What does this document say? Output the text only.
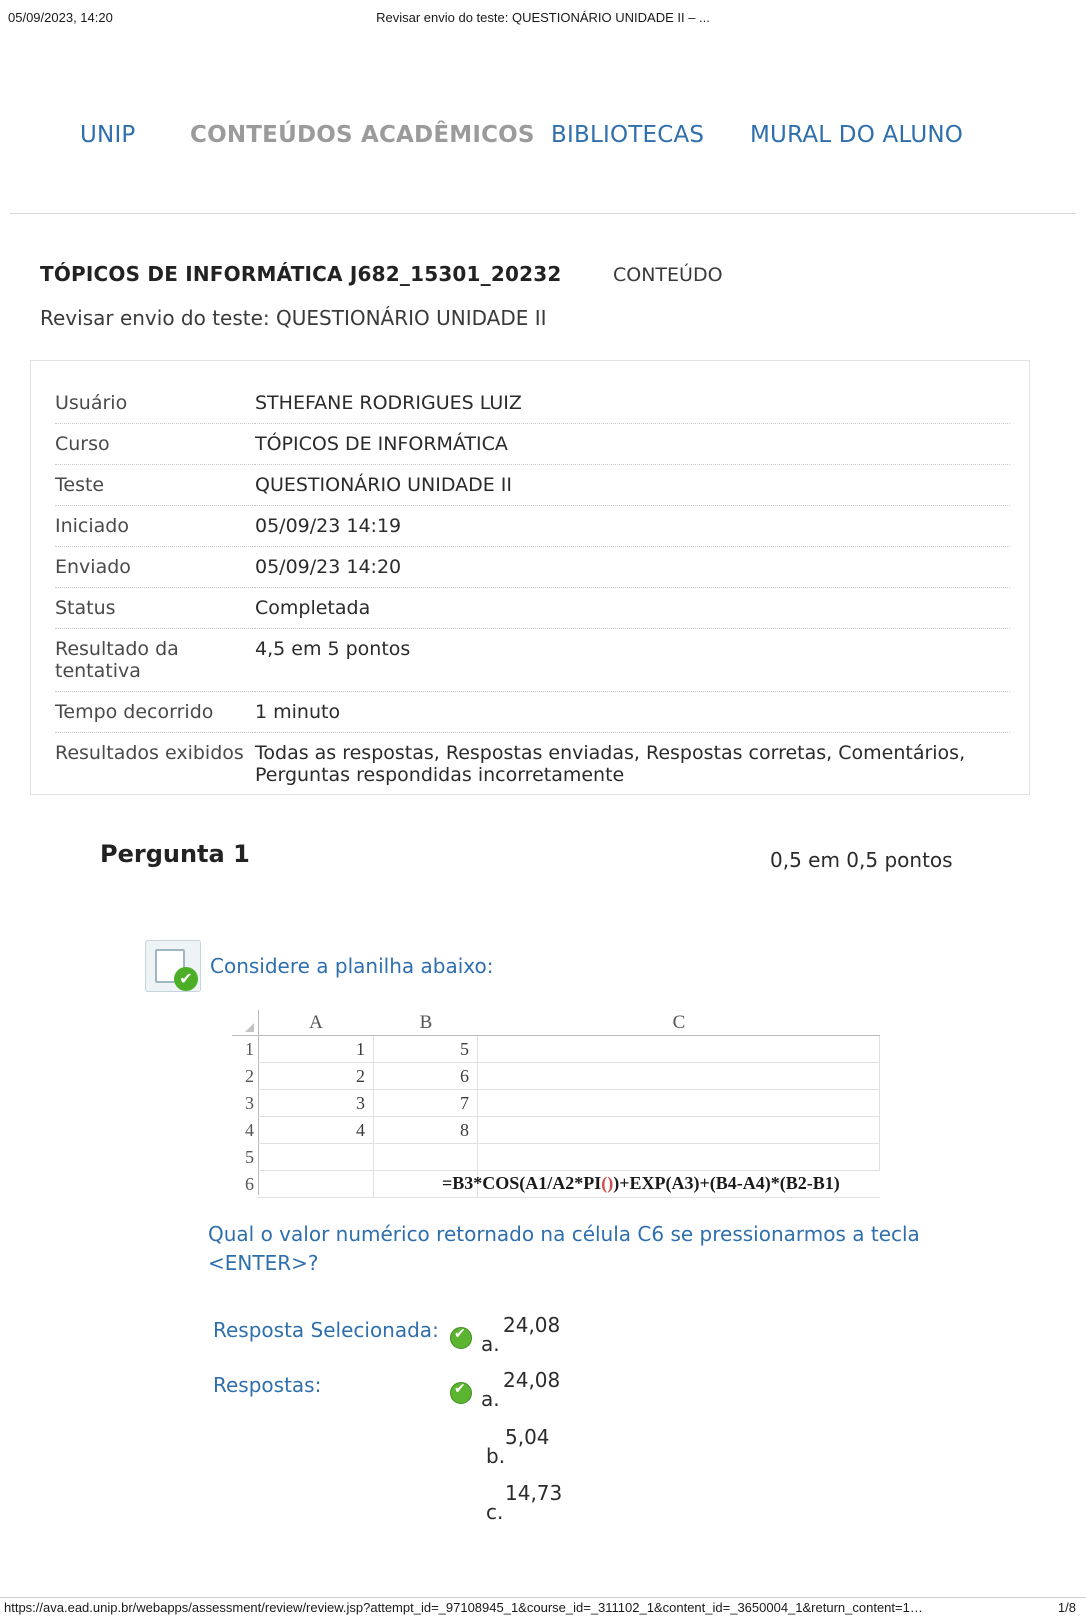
05/09/2023, 14:20	Revisar envio do teste: QUESTIONÁRIO UNIDADE II – ...
UNIP CONTEÚDOS ACADÊMICOS BIBLIOTECAS MURAL DO ALUNO
TÓPICOS DE INFORMÁTICA J682_15301_20232	CONTEÚDO
Revisar envio do teste: QUESTIONÁRIO UNIDADE II
Usuário	STHEFANE RODRIGUES LUIZ
Curso	TÓPICOS DE INFORMÁTICA
Teste	QUESTIONÁRIO UNIDADE II
Iniciado	05/09/23 14:19
Enviado	05/09/23 14:20
Status	Completada
Resultado da tentativa	4,5 em 5 pontos
Tempo decorrido	1 minuto
Resultados exibidos	Todas as respostas, Respostas enviadas, Respostas corretas, Comentários, Perguntas respondidas incorretamente
Pergunta 1	0,5 em 0,5 pontos
✔
Considere a planilha abaixo:
A	B	C
1	1	5
2	2	6
3	3	7
4	4	8
5
6	=B3*COS(A1/A2*PI())+EXP(A3)+(B4-A4)*(B2-B1)
Qual o valor numérico retornado na célula C6 se pressionarmos a tecla <ENTER>?
Resposta Selecionada:
✔
a.
24,08
Respostas:
✔
a.
24,08
b.
5,04
c.
14,73
https://ava.ead.unip.br/webapps/assessment/review/review.jsp?attempt_id=_97108945_1&course_id=_311102_1&content_id=_3650004_1&return_content=1…	1/8
